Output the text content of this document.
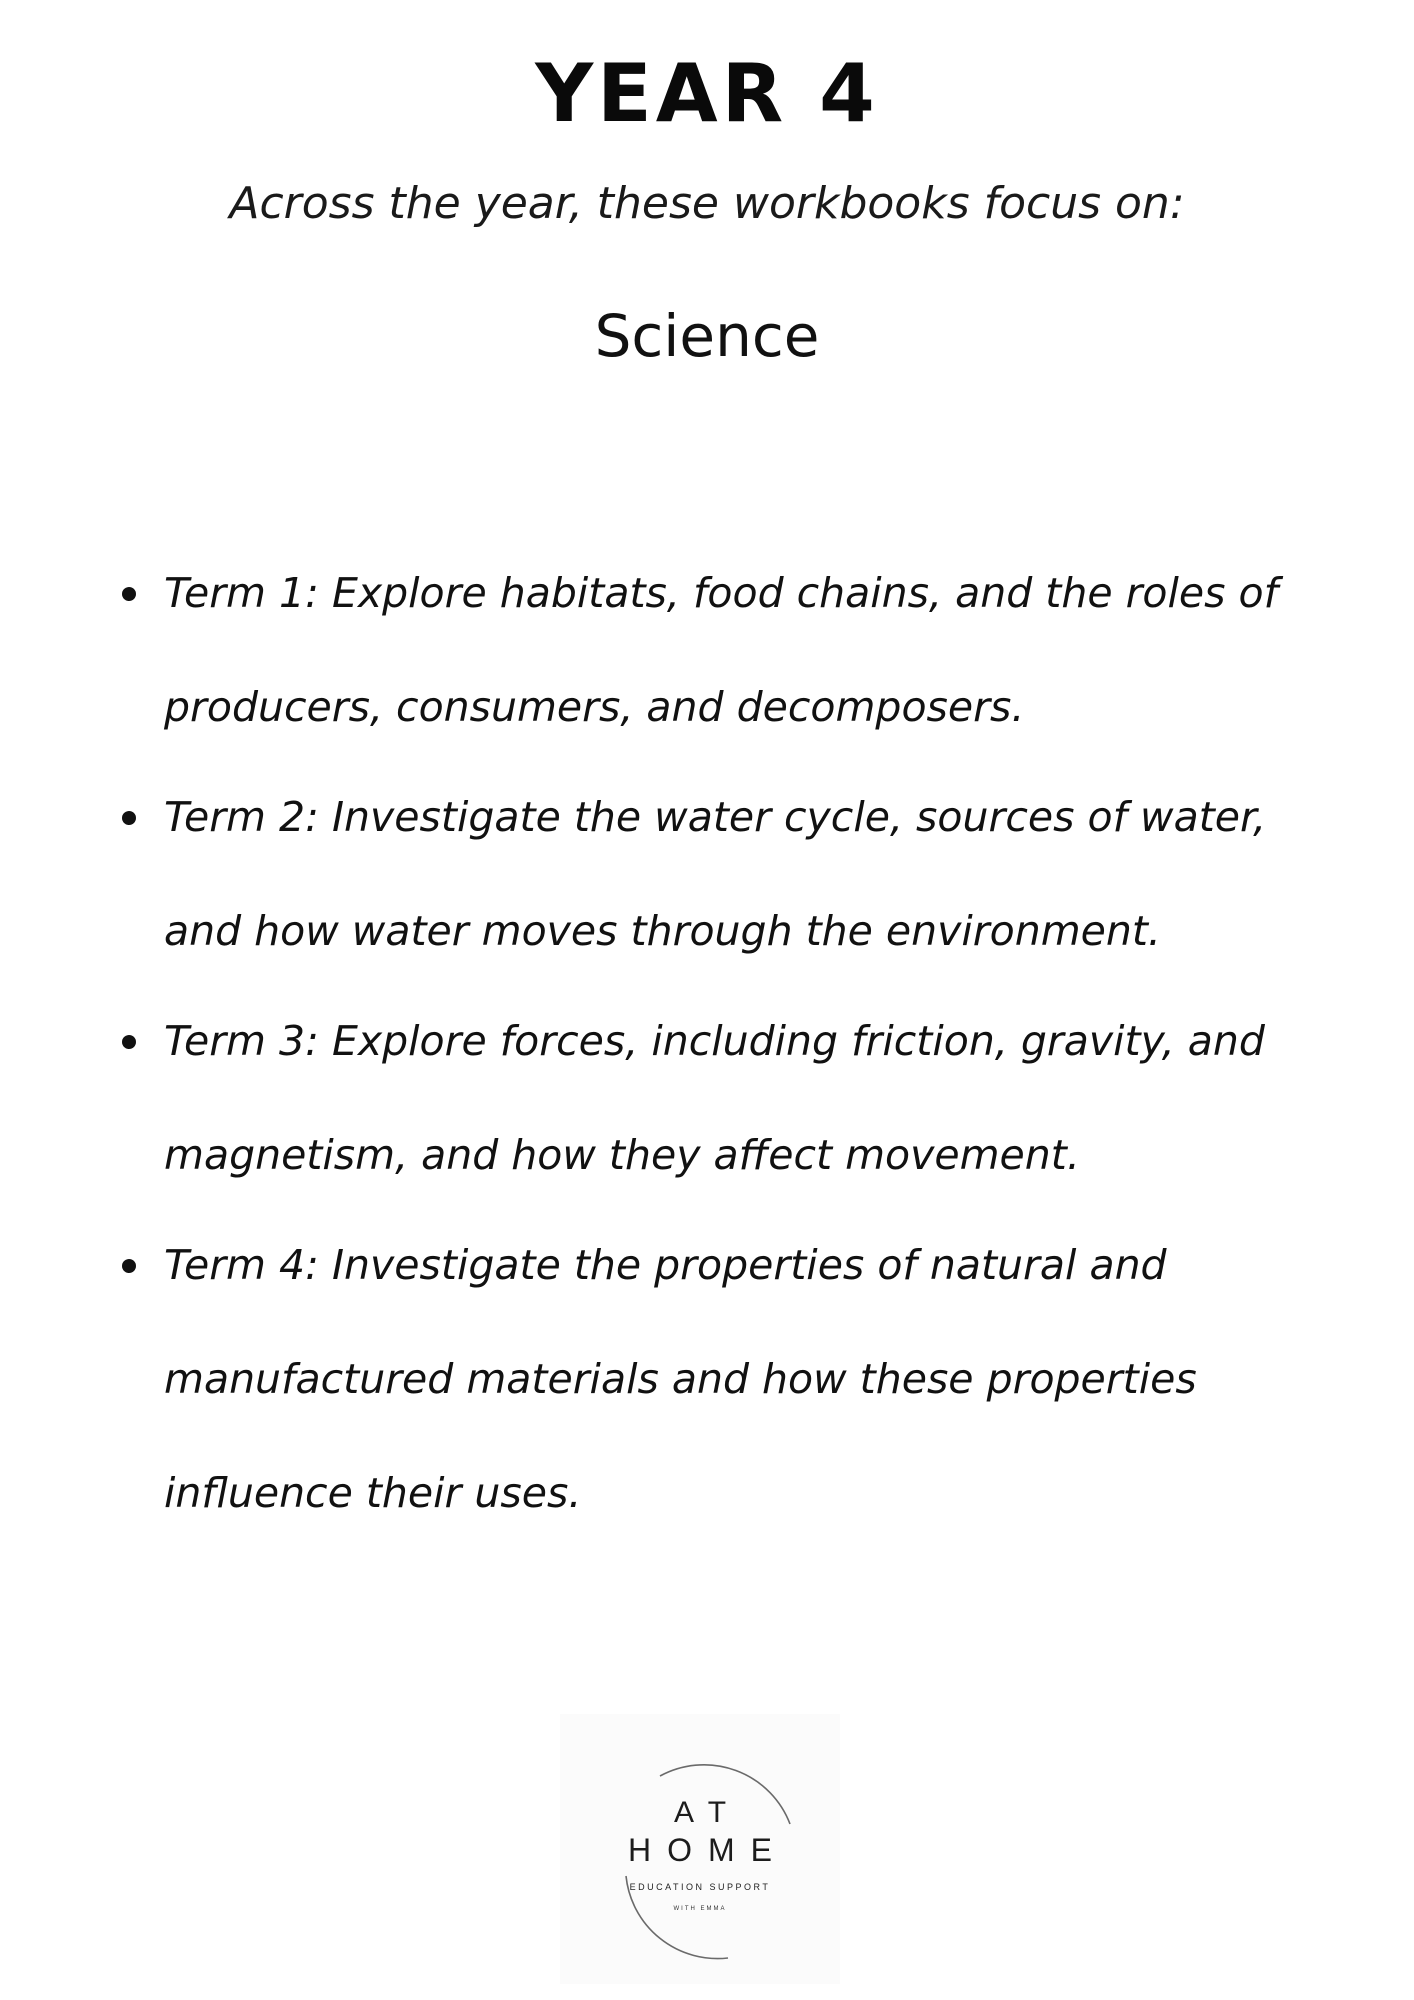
YEAR 4
Across the year, these workbooks focus on:
Science
Term 1: Explore habitats, food chains, and the roles of producers, consumers, and decomposers.
Term 2: Investigate the water cycle, sources of water, and how water moves through the environment.
Term 3: Explore forces, including friction, gravity, and magnetism, and how they affect movement.
Term 4: Investigate the properties of natural and manufactured materials and how these properties influence their uses.
AT
HOME
EDUCATION SUPPORT
WITH EMMA
